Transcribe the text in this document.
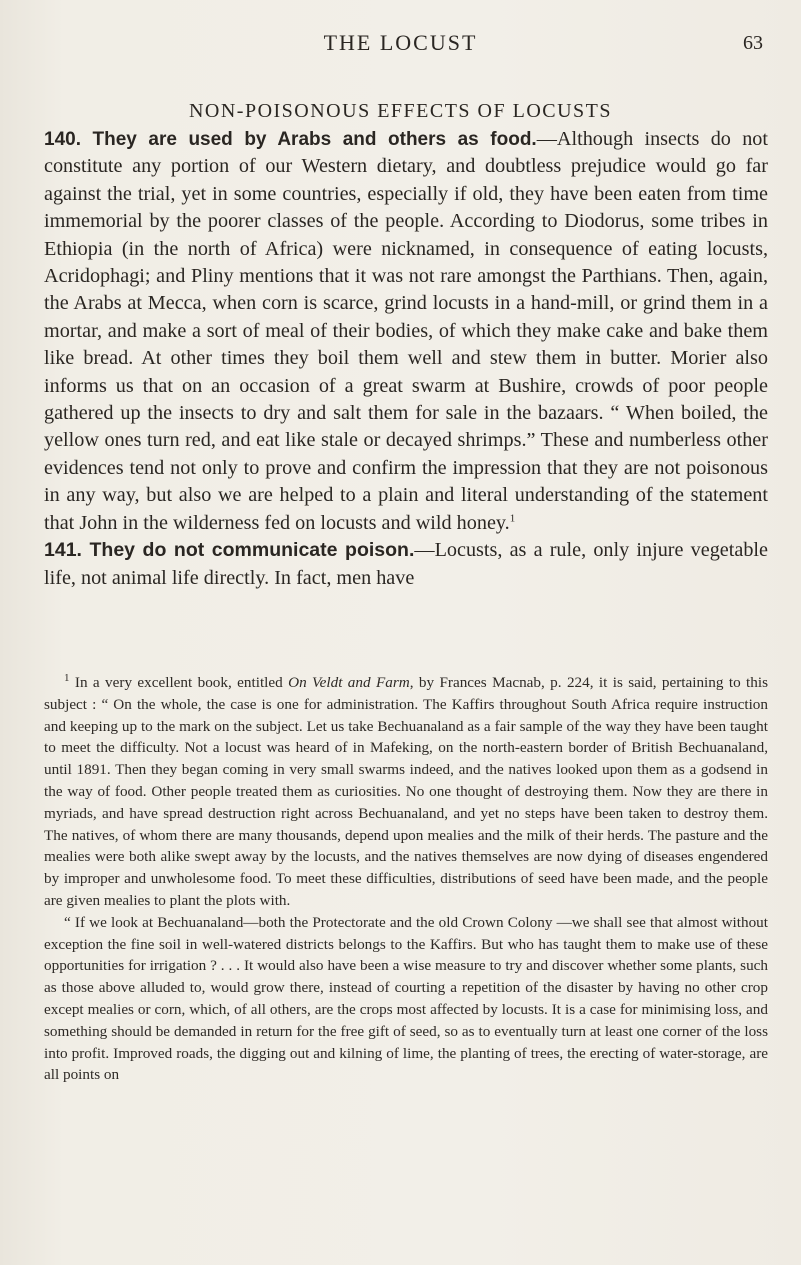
THE LOCUST	63
NON-POISONOUS EFFECTS OF LOCUSTS

140. They are used by Arabs and others as food.—Although insects do not constitute any portion of our Western dietary, and doubtless prejudice would go far against the trial, yet in some countries, especially if old, they have been eaten from time immemorial by the poorer classes of the people. According to Diodorus, some tribes in Ethiopia (in the north of Africa) were nicknamed, in consequence of eating locusts, Acridophagi; and Pliny mentions that it was not rare amongst the Parthians. Then, again, the Arabs at Mecca, when corn is scarce, grind locusts in a hand-mill, or grind them in a mortar, and make a sort of meal of their bodies, of which they make cake and bake them like bread. At other times they boil them well and stew them in butter. Morier also informs us that on an occasion of a great swarm at Bushire, crowds of poor people gathered up the insects to dry and salt them for sale in the bazaars. “ When boiled, the yellow ones turn red, and eat like stale or decayed shrimps.” These and numberless other evidences tend not only to prove and confirm the impression that they are not poisonous in any way, but also we are helped to a plain and literal understanding of the statement that John in the wilderness fed on locusts and wild honey.$^1$

141. They do not communicate poison.—Locusts, as a rule, only injure vegetable life, not animal life directly. In fact, men have

$^1$ In a very excellent book, entitled On Veldt and Farm, by Frances Macnab, p. 224, it is said, pertaining to this subject : “ On the whole, the case is one for administration. The Kaffirs throughout South Africa require instruction and keeping up to the mark on the subject. Let us take Bechuanaland as a fair sample of the way they have been taught to meet the difficulty. Not a locust was heard of in Mafeking, on the north-eastern border of British Bechuanaland, until 1891. Then they began coming in very small swarms indeed, and the natives looked upon them as a godsend in the way of food. Other people treated them as curiosities. No one thought of destroying them. Now they are there in myriads, and have spread destruction right across Bechuanaland, and yet no steps have been taken to destroy them. The natives, of whom there are many thousands, depend upon mealies and the milk of their herds. The pasture and the mealies were both alike swept away by the locusts, and the natives themselves are now dying of diseases engendered by improper and unwholesome food. To meet these difficulties, distributions of seed have been made, and the people are given mealies to plant the plots with.

“ If we look at Bechuanaland—both the Protectorate and the old Crown Colony —we shall see that almost without exception the fine soil in well-watered districts belongs to the Kaffirs. But who has taught them to make use of these opportunities for irrigation ? . . . It would also have been a wise measure to try and discover whether some plants, such as those above alluded to, would grow there, instead of courting a repetition of the disaster by having no other crop except mealies or corn, which, of all others, are the crops most affected by locusts. It is a case for minimising loss, and something should be demanded in return for the free gift of seed, so as to eventually turn at least one corner of the loss into profit. Improved roads, the digging out and kilning of lime, the planting of trees, the erecting of water-storage, are all points on
